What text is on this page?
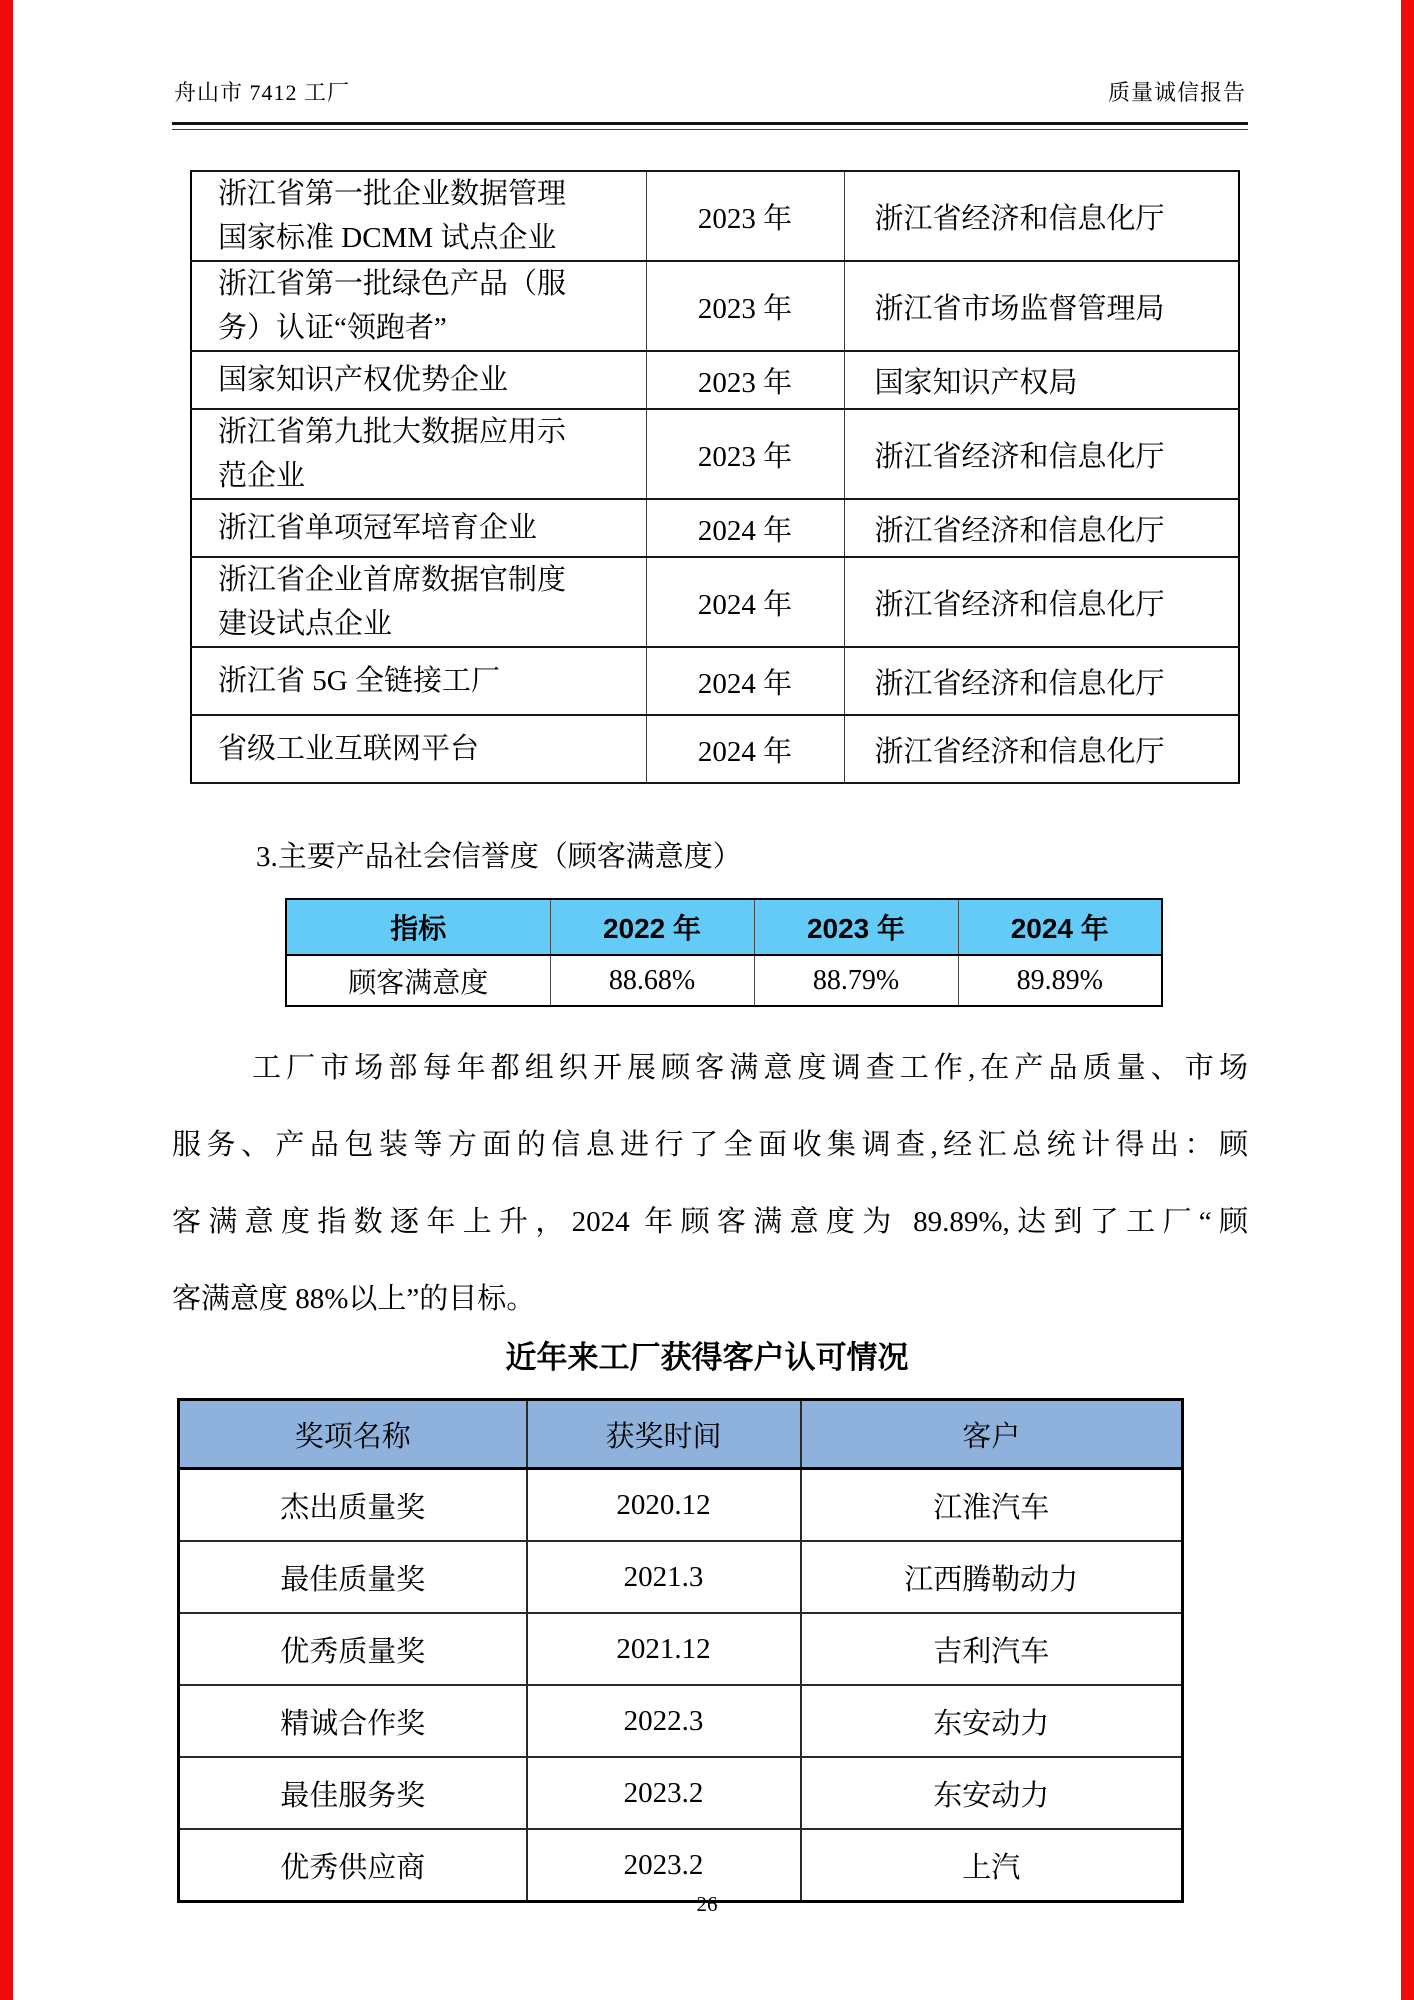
舟山市 7412 工厂	质量诚信报告
浙江省第一批企业数据管理
国家标准 DCMM 试点企业	2023 年	浙江省经济和信息化厅

浙江省第一批绿色产品（服
务）认证“领跑者”	2023 年	浙江省市场监督管理局

国家知识产权优势企业	2023 年	国家知识产权局

浙江省第九批大数据应用示
范企业	2023 年	浙江省经济和信息化厅

浙江省单项冠军培育企业	2024 年	浙江省经济和信息化厅

浙江省企业首席数据官制度
建设试点企业	2024 年	浙江省经济和信息化厅

浙江省 5G 全链接工厂	2024 年	浙江省经济和信息化厅

省级工业互联网平台	2024 年	浙江省经济和信息化厅
3.主要产品社会信誉度（顾客满意度）
指标	2022 年	2023 年	2024 年
顾客满意度	88.68%	88.79%	89.89%
工厂市场部每年都组织开展顾客满意度调查工作,在产品质量、市场
服务、产品包装等方面的信息进行了全面收集调查,经汇总统计得出：顾
客满意度指数逐年上升，2024 年顾客满意度为 89.89%,达到了工厂“顾
客满意度 88%以上”的目标。
近年来工厂获得客户认可情况
奖项名称	获奖时间	客户
杰出质量奖	2020.12	江淮汽车
最佳质量奖	2021.3	江西腾勒动力
优秀质量奖	2021.12	吉利汽车
精诚合作奖	2022.3	东安动力
最佳服务奖	2023.2	东安动力
优秀供应商	2023.2	上汽
26
